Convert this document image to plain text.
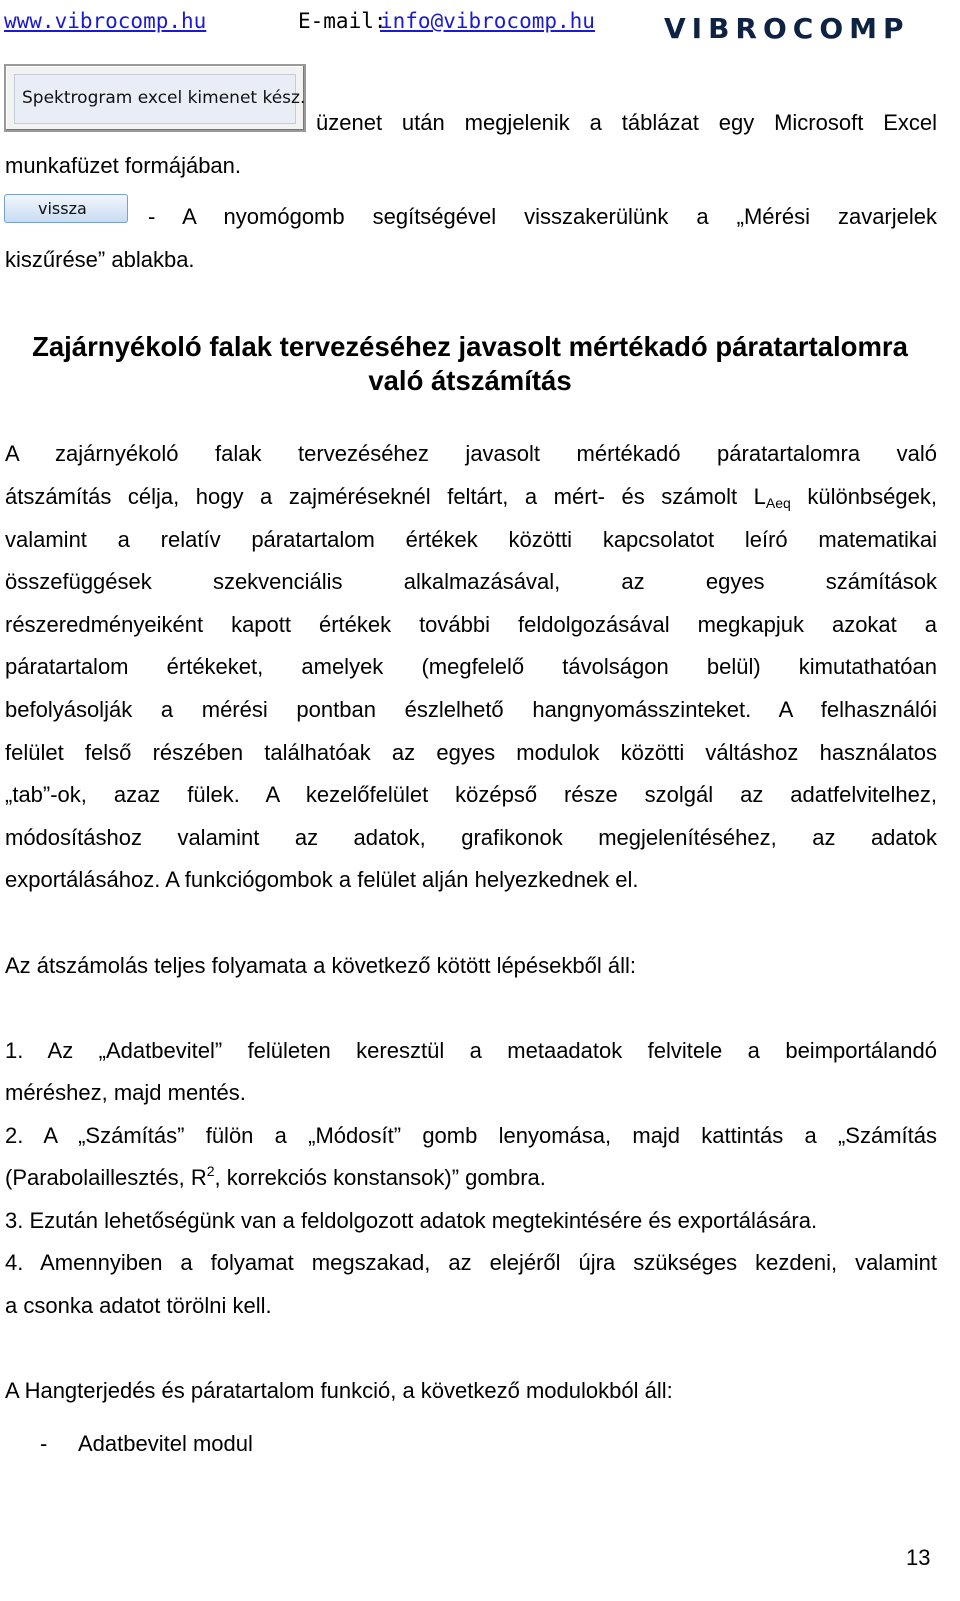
www.vibrocomp.hu	E-mail:
info@vibrocomp.hu VIBROCOMP
Spektrogram excel kimenet kész.
üzenet után megjelenik a táblázat egy Microsoft Excel
munkafüzet formájában.
vissza	- A nyomógomb segítségével visszakerülünk a „Mérési zavarjelek
kiszűrése” ablakba.
Zajárnyékoló falak tervezéséhez javasolt mértékadó páratartalomra
való átszámítás
A zajárnyékoló falak tervezéséhez javasolt mértékadó páratartalomra való
átszámítás célja, hogy a zajméréseknél feltárt, a mért- és számolt $L_{Aeq}$ különbségek,
valamint a relatív páratartalom értékek közötti kapcsolatot leíró matematikai
összefüggések szekvenciális alkalmazásával, az egyes számítások
részeredményeiként kapott értékek további feldolgozásával megkapjuk azokat a
páratartalom értékeket, amelyek (megfelelő távolságon belül) kimutathatóan
befolyásolják a mérési pontban észlelhető hangnyomásszinteket. A felhasználói
felület felső részében találhatóak az egyes modulok közötti váltáshoz használatos
„tab”-ok, azaz fülek. A kezelőfelület középső része szolgál az adatfelvitelhez,
módosításhoz valamint az adatok, grafikonok megjelenítéséhez, az adatok
exportálásához. A funkciógombok a felület alján helyezkednek el.
Az átszámolás teljes folyamata a következő kötött lépésekből áll:
1. Az „Adatbevitel” felületen keresztül a metaadatok felvitele a beimportálandó
méréshez, majd mentés.
2. A „Számítás” fülön a „Módosít” gomb lenyomása, majd kattintás a „Számítás
(Parabolaillesztés, $R^2$, korrekciós konstansok)” gombra.
3. Ezután lehetőségünk van a feldolgozott adatok megtekintésére és exportálására.
4. Amennyiben a folyamat megszakad, az elejéről újra szükséges kezdeni, valamint
a csonka adatot törölni kell.
A Hangterjedés és páratartalom funkció, a következő modulokból áll:
- Adatbevitel modul
13
